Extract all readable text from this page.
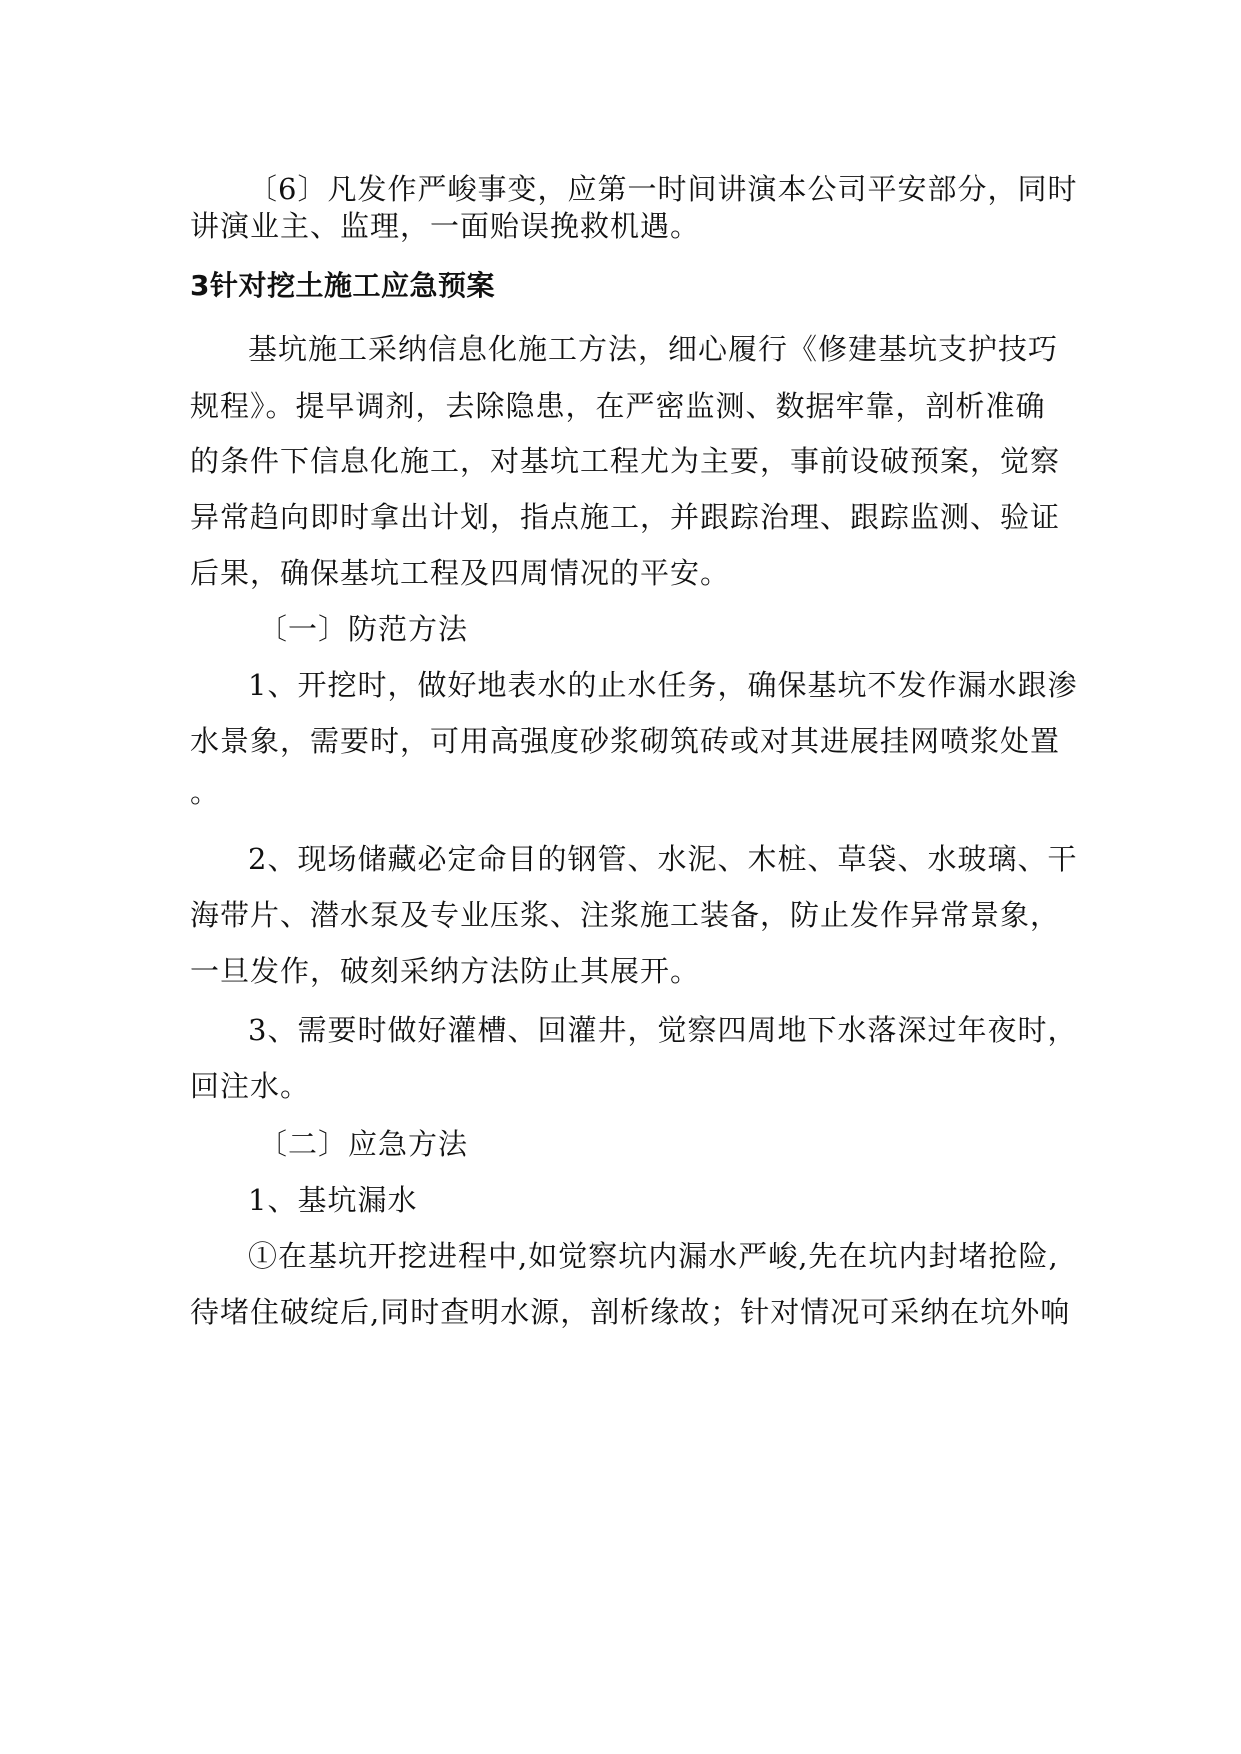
〔6〕凡发作严峻事变，应第一时间讲演本公司平安部分，同时
讲演业主、监理，一面贻误挽救机遇。
3针对挖土施工应急预案
基坑施工采纳信息化施工方法，细心履行《修建基坑支护技巧
规程》。提早调剂，去除隐患，在严密监测、数据牢靠，剖析准确
的条件下信息化施工，对基坑工程尤为主要，事前设破预案，觉察
异常趋向即时拿出计划，指点施工，并跟踪治理、跟踪监测、验证
后果，确保基坑工程及四周情况的平安。
〔一〕防范方法
1、开挖时，做好地表水的止水任务，确保基坑不发作漏水跟渗
水景象，需要时，可用高强度砂浆砌筑砖或对其进展挂网喷浆处置
。
2、现场储藏必定命目的钢管、水泥、木桩、草袋、水玻璃、干
海带片、潜水泵及专业压浆、注浆施工装备，防止发作异常景象，
一旦发作，破刻采纳方法防止其展开。
3、需要时做好灌槽、回灌井，觉察四周地下水落深过年夜时，
回注水。
〔二〕应急方法
1、基坑漏水
①在基坑开挖进程中,如觉察坑内漏水严峻,先在坑内封堵抢险,
待堵住破绽后,同时查明水源，剖析缘故；针对情况可采纳在坑外响
